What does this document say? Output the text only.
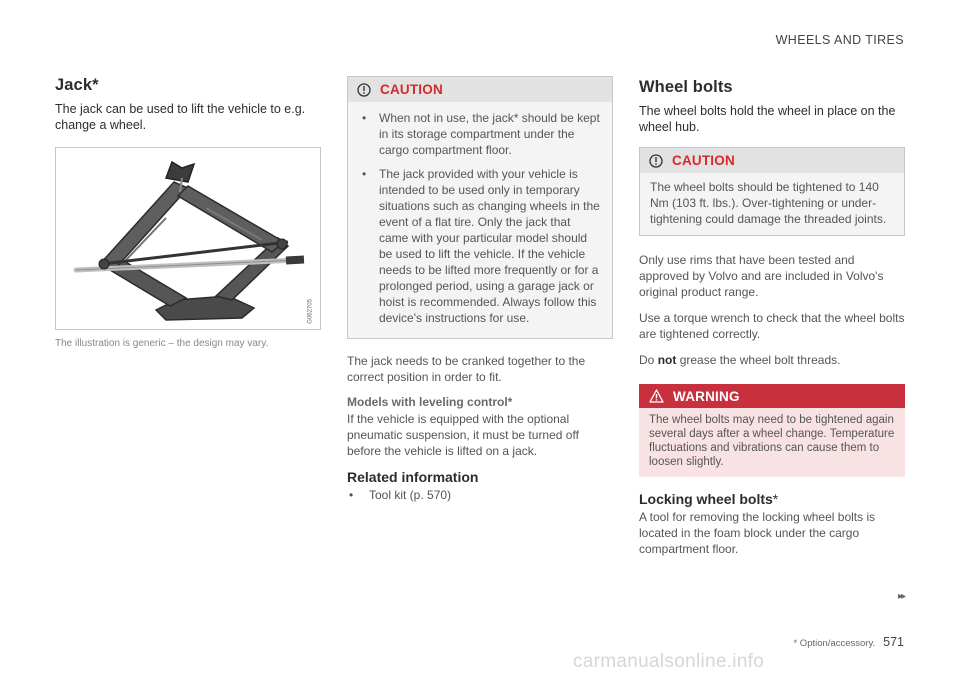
WHEELS AND TIRES
Jack*

The jack can be used to lift the vehicle to e.g. change a wheel.

G062705

The illustration is generic – the design may vary.

CAUTION
• When not in use, the jack* should be kept in its storage compartment under the cargo compartment floor.
• The jack provided with your vehicle is intended to be used only in temporary situations such as changing wheels in the event of a flat tire. Only the jack that came with your particular model should be used to lift the vehicle. If the vehicle needs to be lifted more frequently or for a prolonged period, using a garage jack or hoist is recommended. Always follow this device's instructions for use.

The jack needs to be cranked together to the correct position in order to fit.

Models with leveling control*

If the vehicle is equipped with the optional pneumatic suspension, it must be turned off before the vehicle is lifted on a jack.

Related information
• Tool kit (p. 570)
Wheel bolts

The wheel bolts hold the wheel in place on the wheel hub.

CAUTION

The wheel bolts should be tightened to 140 Nm (103 ft. lbs.). Over-tightening or under-tightening could damage the threaded joints.

Only use rims that have been tested and approved by Volvo and are included in Volvo's original product range.

Use a torque wrench to check that the wheel bolts are tightened correctly.

Do not grease the wheel bolt threads.

WARNING

The wheel bolts may need to be tightened again several days after a wheel change. Temperature fluctuations and vibrations can cause them to loosen slightly.

Locking wheel bolts*

A tool for removing the locking wheel bolts is located in the foam block under the cargo compartment floor.

▸▸
* Option/accessory. 571
carmanualsonline.info
